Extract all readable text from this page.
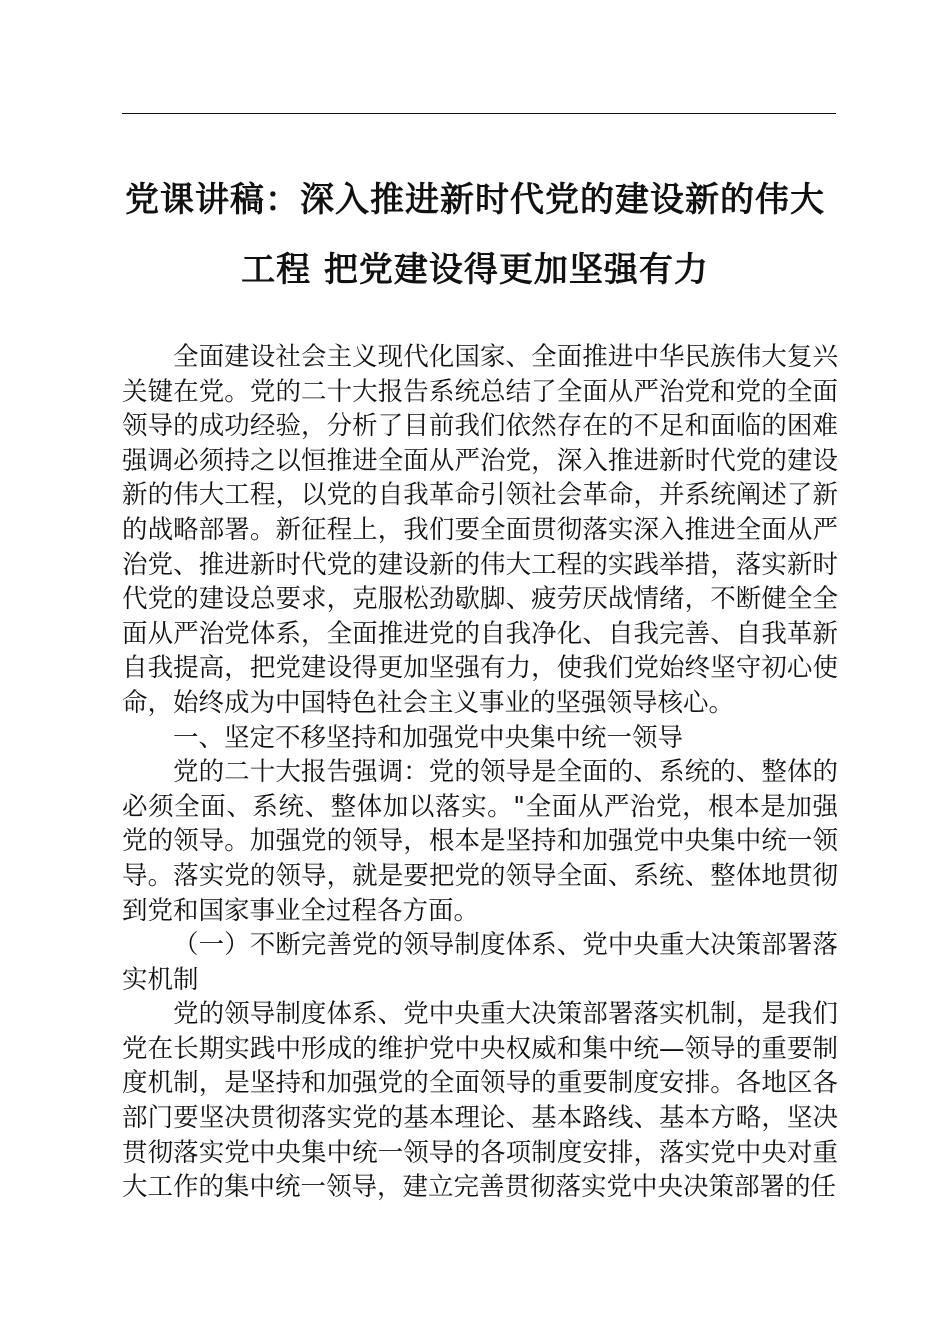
党课讲稿：深入推进新时代党的建设新的伟大
工程 把党建设得更加坚强有力

全面建设社会主义现代化国家、全面推进中华民族伟大复兴关键在党。党的二十大报告系统总结了全面从严治党和党的全面领导的成功经验，分析了目前我们依然存在的不足和面临的困难强调必须持之以恒推进全面从严治党，深入推进新时代党的建设新的伟大工程，以党的自我革命引领社会革命，并系统阐述了新的战略部署。新征程上，我们要全面贯彻落实深入推进全面从严治党、推进新时代党的建设新的伟大工程的实践举措，落实新时代党的建设总要求，克服松劲歇脚、疲劳厌战情绪，不断健全全面从严治党体系，全面推进党的自我净化、自我完善、自我革新自我提高，把党建设得更加坚强有力，使我们党始终坚守初心使命，始终成为中国特色社会主义事业的坚强领导核心。

一、坚定不移坚持和加强党中央集中统一领导

党的二十大报告强调：党的领导是全面的、系统的、整体的必须全面、系统、整体加以落实。"全面从严治党，根本是加强党的领导。加强党的领导，根本是坚持和加强党中央集中统一领导。落实党的领导，就是要把党的领导全面、系统、整体地贯彻到党和国家事业全过程各方面。

（一）不断完善党的领导制度体系、党中央重大决策部署落实机制

党的领导制度体系、党中央重大决策部署落实机制，是我们党在长期实践中形成的维护党中央权威和集中统—领导的重要制度机制，是坚持和加强党的全面领导的重要制度安排。各地区各部门要坚决贯彻落实党的基本理论、基本路线、基本方略，坚决贯彻落实党中央集中统一领导的各项制度安排，落实党中央对重大工作的集中统一领导，建立完善贯彻落实党中央决策部署的任
